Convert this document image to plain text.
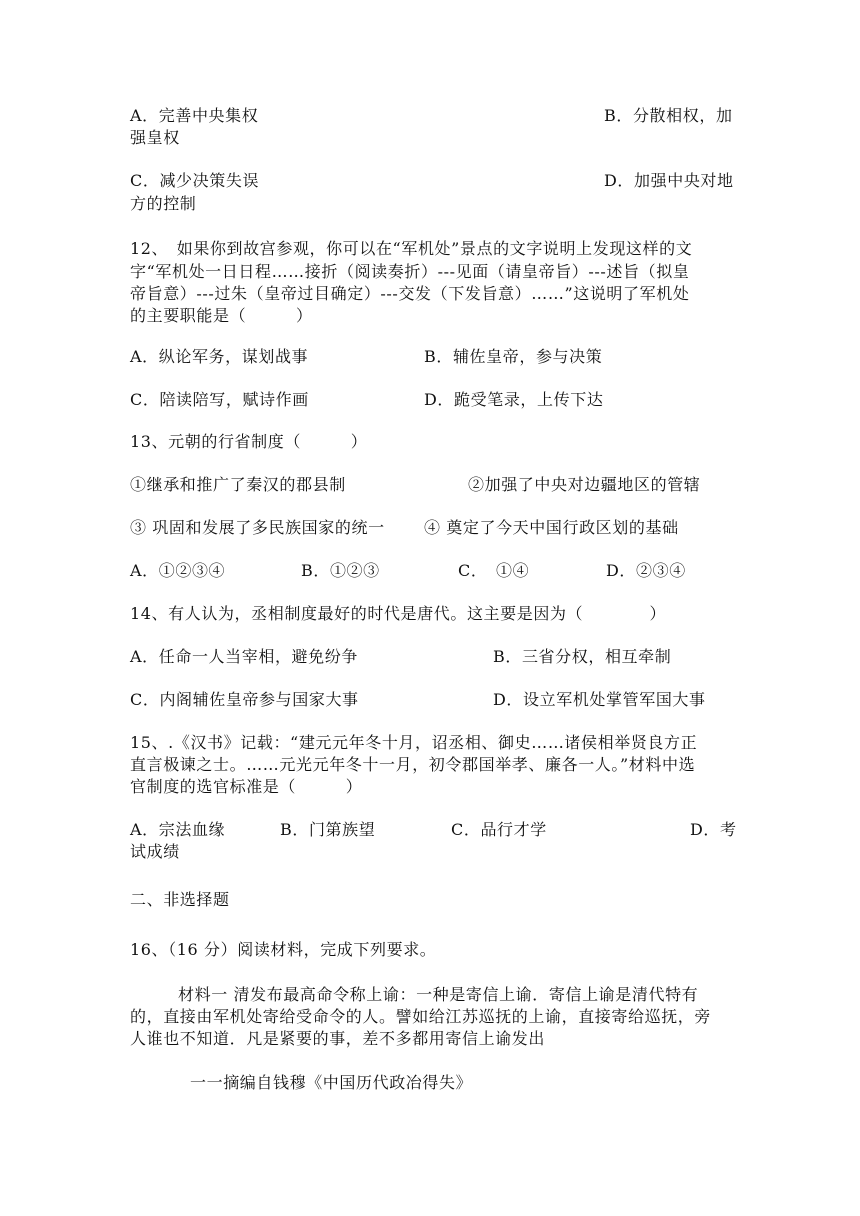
A．完善中央集权	B．分散相权，加
强皇权
C．减少决策失误	D．加强中央对地
方的控制
12、　如果你到故宫参观，你可以在“军机处”景点的文字说明上发现这样的文
字“军机处一日日程……接折（阅读奏折）---见面（请皇帝旨）---述旨（拟皇
帝旨意）---过朱（皇帝过目确定）---交发（下发旨意）……”这说明了军机处
的主要职能是（　　　）
A．纵论军务，谋划战事	B．辅佐皇帝，参与决策
C．陪读陪写，赋诗作画	D．跪受笔录，上传下达
13、元朝的行省制度（　　　）
①继承和推广了秦汉的郡县制	②加强了中央对边疆地区的管辖
③ 巩固和发展了多民族国家的统一 ④ 奠定了今天中国行政区划的基础
A．①②③④	B．①②③	C．　①④	D．②③④
14、有人认为，丞相制度最好的时代是唐代。这主要是因为（　　　　）
A．任命一人当宰相，避免纷争	B．三省分权，相互牵制
C．内阁辅佐皇帝参与国家大事	D．设立军机处掌管军国大事
15、.《汉书》记载：“建元元年冬十月，诏丞相、御史……诸侯相举贤良方正
直言极谏之士。……元光元年冬十一月，初令郡国举孝、廉各一人。”材料中选
官制度的选官标准是（　　　）
A．宗法血缘	B．门第族望	C．品行才学	D．考
试成绩
二、非选择题
16、（16 分）阅读材料，完成下列要求。
材料一 清发布最高命令称上谕：一种是寄信上谕．寄信上谕是清代特有
的，直接由军机处寄给受命令的人。譬如给江苏巡抚的上谕，直接寄给巡抚，旁
人谁也不知道．凡是紧要的事，差不多都用寄信上谕发出
一一摘编自钱穆《中国历代政冶得失》
